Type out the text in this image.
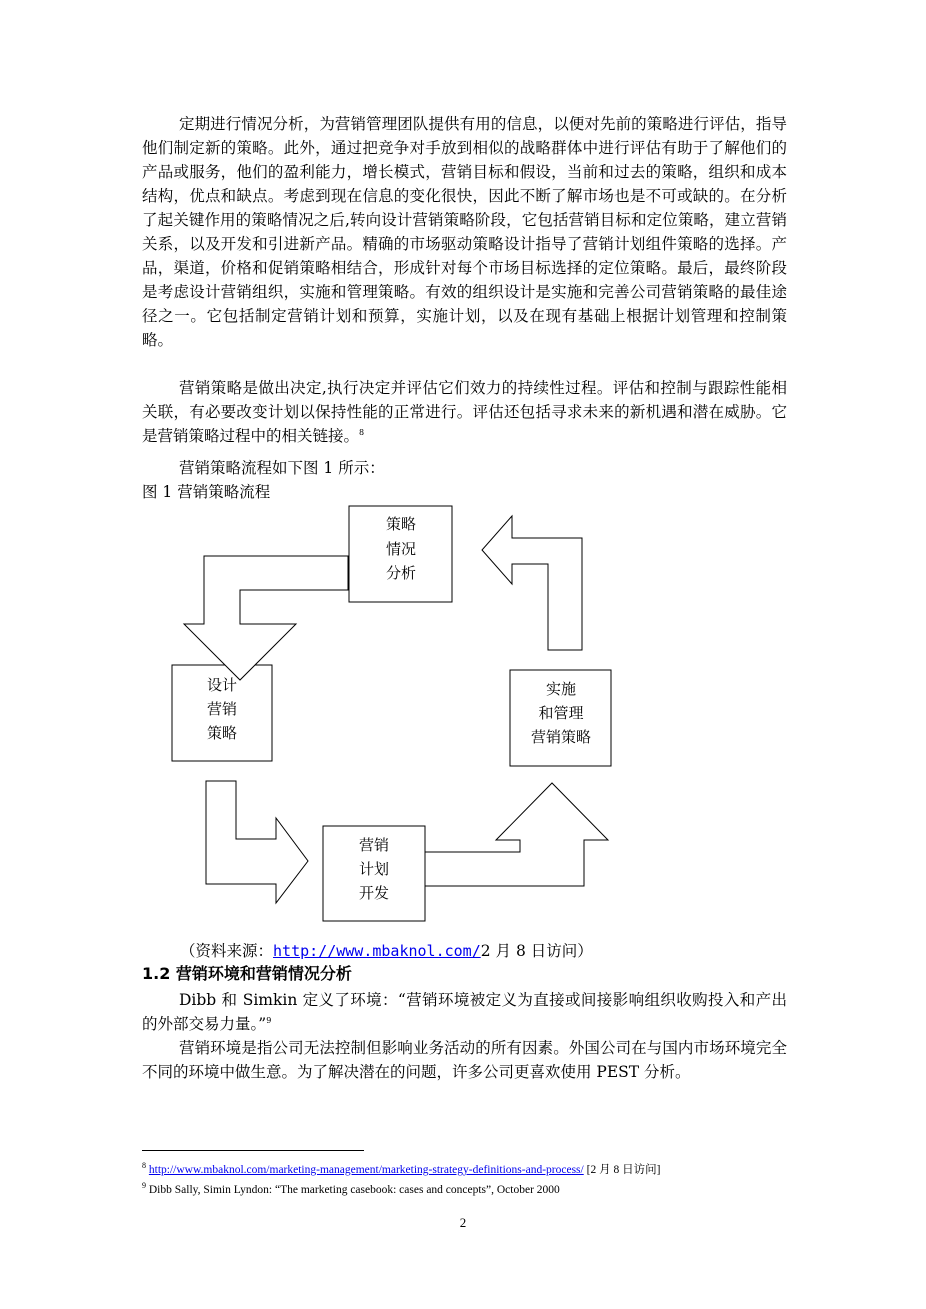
定期进行情况分析，为营销管理团队提供有用的信息，以便对先前的策略进行评估，指导他们制定新的策略。此外，通过把竞争对手放到相似的战略群体中进行评估有助于了解他们的产品或服务，他们的盈利能力，增长模式，营销目标和假设，当前和过去的策略，组织和成本结构，优点和缺点。考虑到现在信息的变化很快，因此不断了解市场也是不可或缺的。在分析了起关键作用的策略情况之后,转向设计营销策略阶段，它包括营销目标和定位策略，建立营销关系，以及开发和引进新产品。精确的市场驱动策略设计指导了营销计划组件策略的选择。产品，渠道，价格和促销策略相结合，形成针对每个市场目标选择的定位策略。最后，最终阶段是考虑设计营销组织，实施和管理策略。有效的组织设计是实施和完善公司营销策略的最佳途径之一。它包括制定营销计划和预算，实施计划，以及在现有基础上根据计划管理和控制策略。

营销策略是做出决定,执行决定并评估它们效力的持续性过程。评估和控制与跟踪性能相关联，有必要改变计划以保持性能的正常进行。评估还包括寻求未来的新机遇和潜在威胁。它是营销策略过程中的相关链接。$^8$

营销策略流程如下图 1 所示：

图 1 营销策略流程
策略
情况
分析
设计
营销
策略
实施
和管理
营销策略
营销
计划
开发
（资料来源：http://www.mbaknol.com/2 月 8 日访问）
1.2 营销环境和营销情况分析

Dibb 和 Simkin 定义了环境：“营销环境被定义为直接或间接影响组织收购投入和产出的外部交易力量。”$^9$

营销环境是指公司无法控制但影响业务活动的所有因素。外国公司在与国内市场环境完全不同的环境中做生意。为了解决潜在的问题，许多公司更喜欢使用 PEST 分析。

$^8$ http://www.mbaknol.com/marketing-management/marketing-strategy-definitions-and-process/ [2 月 8 日访问]
$^9$ Dibb Sally, Simin Lyndon: “The marketing casebook: cases and concepts”, October 2000
2
